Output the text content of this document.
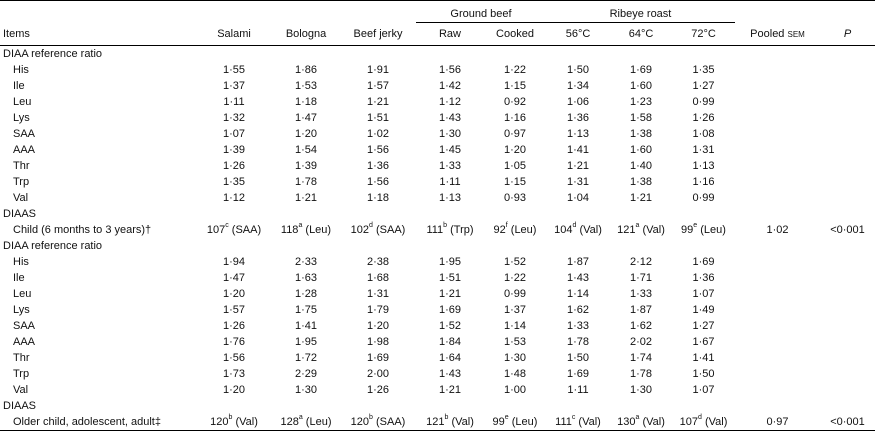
				Ground beef		Ribeye roast				
Items	Salami	Bologna	Beef jerky	Raw	Cooked	56°C	64°C	72°C	Pooled sem	P
DIAA reference ratio										
His	1·55	1·86	1·91	1·56	1·22	1·50	1·69	1·35		
Ile	1·37	1·53	1·57	1·42	1·15	1·34	1·60	1·27		
Leu	1·11	1·18	1·21	1·12	0·92	1·06	1·23	0·99		
Lys	1·32	1·47	1·51	1·43	1·16	1·36	1·58	1·26		
SAA	1·07	1·20	1·02	1·30	0·97	1·13	1·38	1·08		
AAA	1·39	1·54	1·56	1·45	1·20	1·41	1·60	1·31		
Thr	1·26	1·39	1·36	1·33	1·05	1·21	1·40	1·13		
Trp	1·35	1·78	1·56	1·11	1·15	1·31	1·38	1·16		
Val	1·12	1·21	1·18	1·13	0·93	1·04	1·21	0·99		
DIAAS										
Child (6 months to 3 years)†	107$^c$ (SAA)	118$^a$ (Leu)	102$^d$ (SAA)	111$^b$ (Trp)	92$^f$ (Leu)	104$^d$ (Val)	121$^a$ (Val)	99e (Leu)	1·02	<0·001
DIAA reference ratio										
His	1·94	2·33	2·38	1·95	1·52	1·87	2·12	1·69		
Ile	1·47	1·63	1·68	1·51	1·22	1·43	1·71	1·36		
Leu	1·20	1·28	1·31	1·21	0·99	1·14	1·33	1·07		
Lys	1·57	1·75	1·79	1·69	1·37	1·62	1·87	1·49		
SAA	1·26	1·41	1·20	1·52	1·14	1·33	1·62	1·27		
AAA	1·76	1·95	1·98	1·84	1·53	1·78	2·02	1·67		
Thr	1·56	1·72	1·69	1·64	1·30	1·50	1·74	1·41		
Trp	1·73	2·29	2·00	1·43	1·48	1·69	1·78	1·50		
Val	1·20	1·30	1·26	1·21	1·00	1·11	1·30	1·07		
DIAAS										
Older child, adolescent, adult‡	120$^b$ (Val)	128$^a$ (Leu)	120$^b$ (SAA)	121$^b$ (Val)	99e (Leu)	111$^c$ (Val)	130$^a$ (Val)	107$^d$ (Val)	0·97	<0·001
